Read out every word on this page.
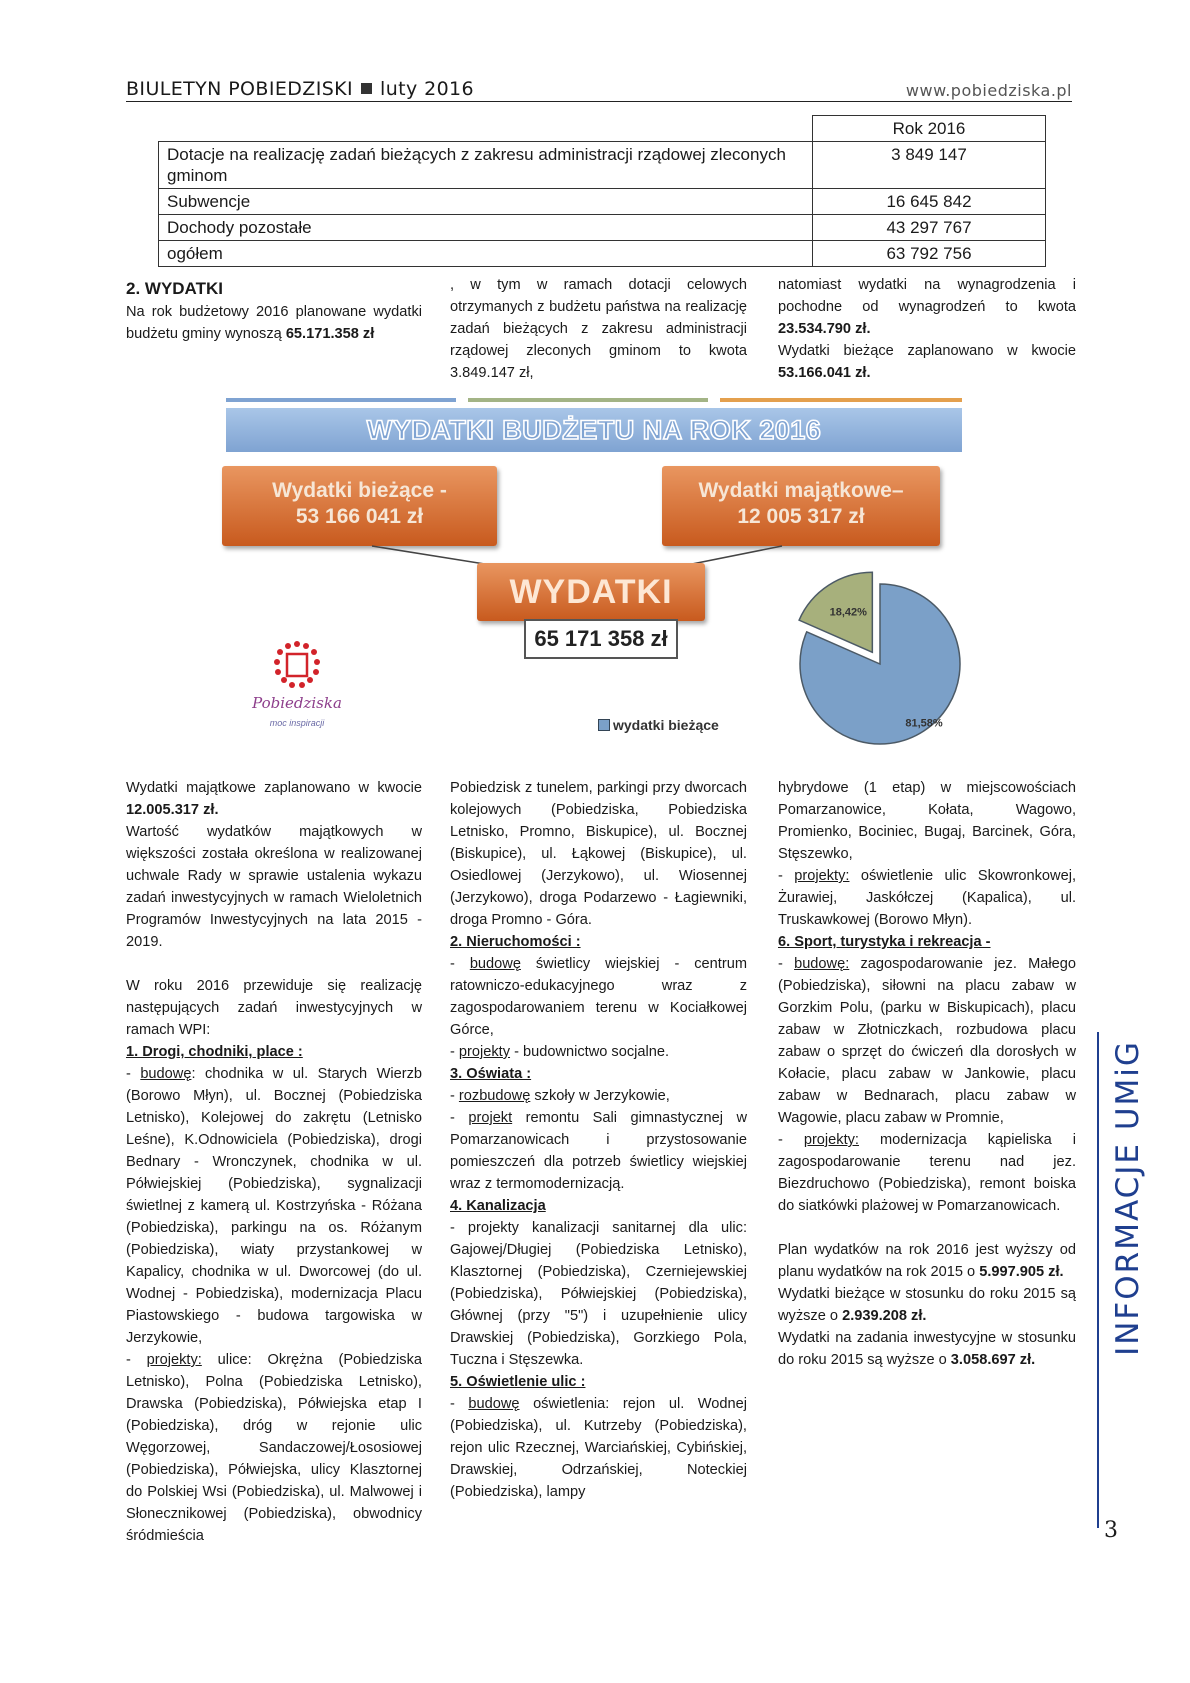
BIULETYN POBIEDZISKI luty 2016	www.pobiedziska.pl
	Rok 2016
Dotacje na realizację zadań bieżących z zakresu administracji rządowej zleconych gminom	3 849 147
Subwencje	16 645 842
Dochody pozostałe	43 297 767
ogółem	63 792 756

2. WYDATKI

Na rok budżetowy 2016 planowane wydatki budżetu gminy wynoszą 65.171.358 zł

, w tym w ramach dotacji celowych otrzymanych z budżetu państwa na realizację zadań bieżących z zakresu administracji rządowej zleconych gminom to kwota 3.849.147 zł,

natomiast wydatki na wynagrodzenia i pochodne od wynagrodzeń to kwota 23.534.790 zł.

Wydatki bieżące zaplanowano w kwocie 53.166.041 zł.

WYDATKI BUDŻETU NA ROK 2016
Wydatki bieżące -
53 166 041 zł
Wydatki majątkowe–
12 005 317 zł
WYDATKI
65 171 358 zł
Pobiedziska
moc inspiracji	wydatki bieżące
18,42%
81,58%

Wydatki majątkowe zaplanowano w kwocie 12.005.317 zł.

Wartość wydatków majątkowych w większości została określona w realizowanej uchwale Rady w sprawie ustalenia wykazu zadań inwestycyjnych w ramach Wieloletnich Programów Inwestycyjnych na lata 2015 - 2019.

W roku 2016 przewiduje się realizację następujących zadań inwestycyjnych w ramach WPI:

1. Drogi, chodniki, place :

- budowę: chodnika w ul. Starych Wierzb (Borowo Młyn), ul. Bocznej (Pobiedziska Letnisko), Kolejowej do zakrętu (Letnisko Leśne), K.Odnowiciela (Pobiedziska), drogi Bednary - Wronczynek, chodnika w ul. Półwiejskiej (Pobiedziska), sygnalizacji świetlnej z kamerą ul. Kostrzyńska - Różana (Pobiedziska), parkingu na os. Różanym (Pobiedziska), wiaty przystankowej w Kapalicy, chodnika w ul. Dworcowej (do ul. Wodnej - Pobiedziska), modernizacja Placu Piastowskiego - budowa targowiska w Jerzykowie,

- projekty: ulice: Okrężna (Pobiedziska Letnisko), Polna (Pobiedziska Letnisko), Drawska (Pobiedziska), Półwiejska etap I (Pobiedziska), dróg w rejonie ulic Węgorzowej, Sandaczowej/Łososiowej (Pobiedziska), Półwiejska, ulicy Klasztornej do Polskiej Wsi (Pobiedziska), ul. Malwowej i Słonecznikowej (Pobiedziska), obwodnicy śródmieścia

Pobiedzisk z tunelem, parkingi przy dworcach kolejowych (Pobiedziska, Pobiedziska Letnisko, Promno, Biskupice), ul. Bocznej (Biskupice), ul. Łąkowej (Biskupice), ul. Osiedlowej (Jerzykowo), ul. Wiosennej (Jerzykowo), droga Podarzewo - Łagiewniki, droga Promno - Góra.

2. Nieruchomości :

- budowę świetlicy wiejskiej - centrum ratowniczo-edukacyjnego wraz z zagospodarowaniem terenu w Kociałkowej Górce,

- projekty - budownictwo socjalne.

3. Oświata :

- rozbudowę szkoły w Jerzykowie,

- projekt remontu Sali gimnastycznej w Pomarzanowicach i przystosowanie pomieszczeń dla potrzeb świetlicy wiejskiej wraz z termomodernizacją.

4. Kanalizacja

- projekty kanalizacji sanitarnej dla ulic: Gajowej/Długiej (Pobiedziska Letnisko), Klasztornej (Pobiedziska), Czerniejewskiej (Pobiedziska), Półwiejskiej (Pobiedziska), Głównej (przy "5") i uzupełnienie ulicy Drawskiej (Pobiedziska), Gorzkiego Pola, Tuczna i Stęszewka.

5. Oświetlenie ulic :

- budowę oświetlenia: rejon ul. Wodnej (Pobiedziska), ul. Kutrzeby (Pobiedziska), rejon ulic Rzecznej, Warciańskiej, Cybińskiej, Drawskiej, Odrzańskiej, Noteckiej (Pobiedziska), lampy

hybrydowe (1 etap) w miejscowościach Pomarzanowice, Kołata, Wagowo, Promienko, Bociniec, Bugaj, Barcinek, Góra, Stęszewko,

- projekty: oświetlenie ulic Skowronkowej, Żurawiej, Jaskółczej (Kapalica), ul. Truskawkowej (Borowo Młyn).

6. Sport, turystyka i rekreacja -

- budowę: zagospodarowanie jez. Małego (Pobiedziska), siłowni na placu zabaw w Gorzkim Polu, (parku w Biskupicach), placu zabaw w Złotniczkach, rozbudowa placu zabaw o sprzęt do ćwiczeń dla dorosłych w Kołacie, placu zabaw w Jankowie, placu zabaw w Bednarach, placu zabaw w Wagowie, placu zabaw w Promnie,

- projekty: modernizacja kąpieliska i zagospodarowanie terenu nad jez. Biezdruchowo (Pobiedziska), remont boiska do siatkówki plażowej w Pomarzanowicach.

Plan wydatków na rok 2016 jest wyższy od planu wydatków na rok 2015 o 5.997.905 zł.

Wydatki bieżące w stosunku do roku 2015 są wyższe o 2.939.208 zł.

Wydatki na zadania inwestycyjne w stosunku do roku 2015 są wyższe o 3.058.697 zł.

INFORMACJE UMiG
3
